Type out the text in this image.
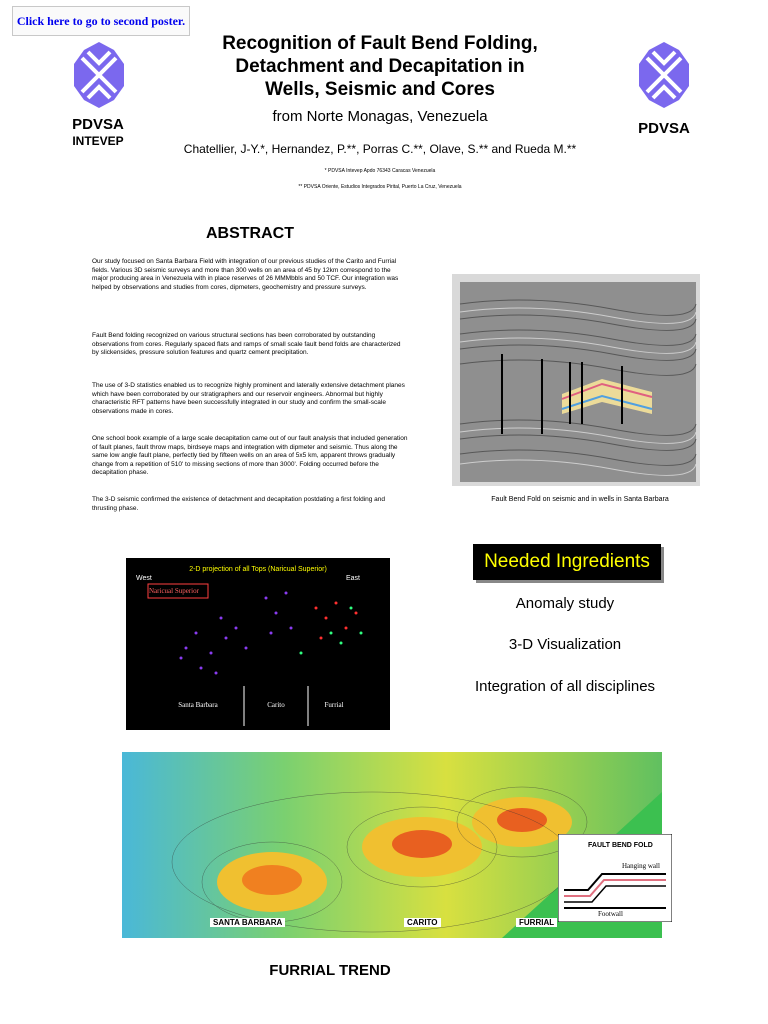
Click here to go to second poster.
PDVSA
INTEVEP
PDVSA
Recognition of Fault Bend Folding,
Detachment and Decapitation in
Wells, Seismic and Cores
from Norte Monagas, Venezuela
Chatellier, J-Y.*, Hernandez, P.**, Porras C.**, Olave, S.** and Rueda M.**
* PDVSA Intevep Apdo 76343 Caracas Venezuela
** PDVSA Oriente, Estudios Integrados Pirital, Puerto La Cruz, Venezuela
ABSTRACT
Our study focused on Santa Barbara Field with integration of our previous studies of the Carito and Furrial fields. Various 3D seismic surveys and more than 300 wells on an area of 45 by 12km correspond to the major producing area in Venezuela with in place reserves of 26 MMMbbls and 50 TCF. Our integration was helped by observations and studies from cores, dipmeters, geochemistry and pressure surveys.
Fault Bend folding recognized on various structural sections has been corroborated by outstanding observations from cores. Regularly spaced flats and ramps of small scale fault bend folds are characterized by slickensides, pressure solution features and quartz cement precipitation.
The use of 3-D statistics enabled us to recognize highly prominent and laterally extensive detachment planes which have been corroborated by our stratigraphers and our reservoir engineers. Abnormal but highly characteristic RFT patterns have been successfully integrated in our study and confirm the small-scale observations made in cores.
One school book example of a large scale decapitation came out of our fault analysis that included generation of fault planes, fault throw maps, birdseye maps and integration with dipmeter and seismic. Thus along the same low angle fault plane, perfectly tied by fifteen wells on an area of 5x5 km, apparent throws gradually change from a repetition of 510' to missing sections of more than 3000'. Folding occurred before the decapitation phase.
The 3-D seismic confirmed the existence of detachment and decapitation postdating a first folding and thrusting phase.
Fault Bend Fold on seismic and in wells in Santa Barbara
2-D projection of all Tops (Naricual Superior)
West	East
Naricual Superior
Santa Barbara	Carito	Furrial
Needed Ingredients
Anomaly study
3-D Visualization
Integration of all disciplines
SANTA BARBARA	CARITO	FURRIAL
FAULT BEND FOLD
Hanging wall
Footwall
FURRIAL TREND
